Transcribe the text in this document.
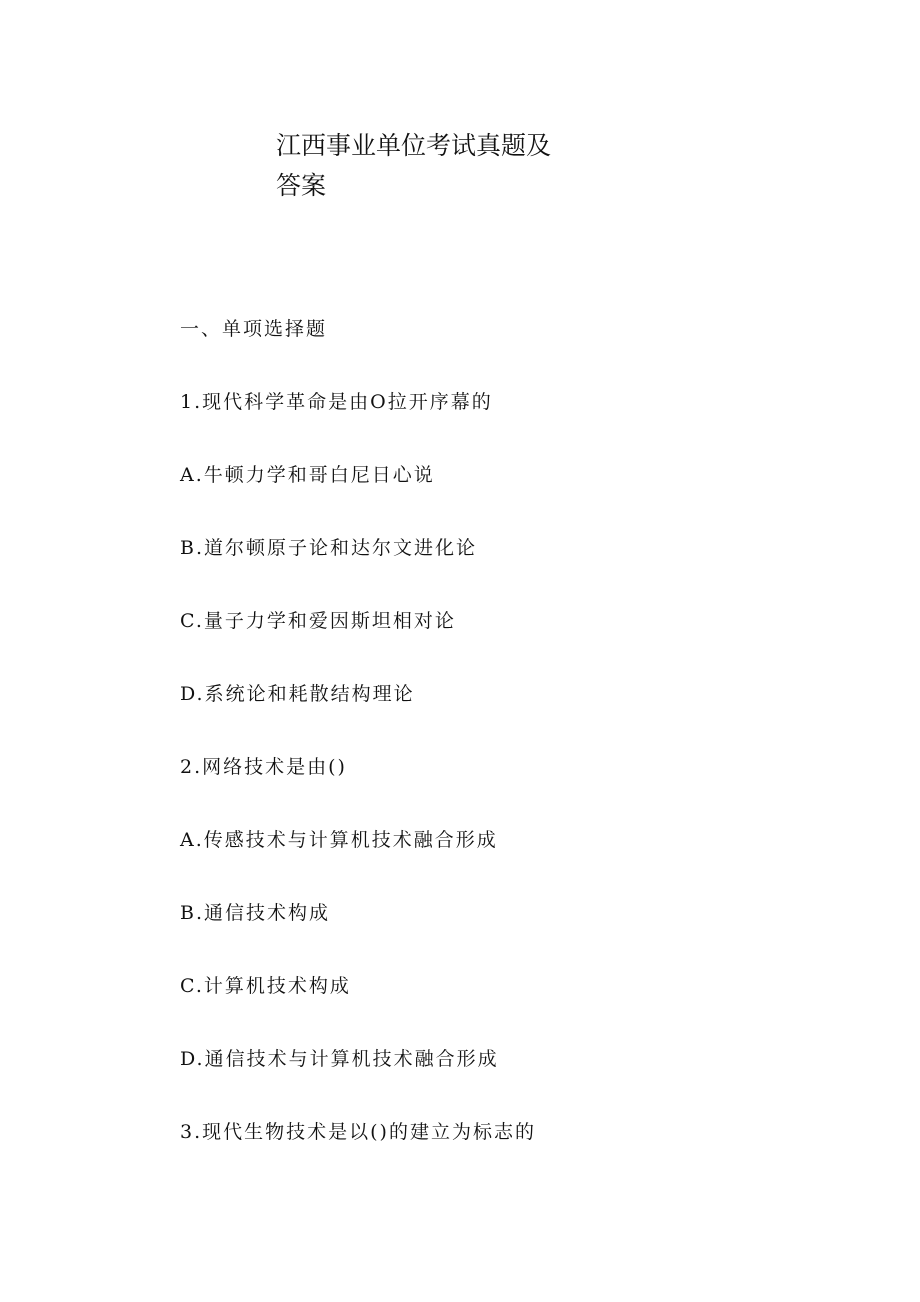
江西事业单位考试真题及
答案
一、单项选择题
1.现代科学革命是由O拉开序幕的
A.牛顿力学和哥白尼日心说
B.道尔顿原子论和达尔文进化论
C.量子力学和爱因斯坦相对论
D.系统论和耗散结构理论
2.网络技术是由()
A.传感技术与计算机技术融合形成
B.通信技术构成
C.计算机技术构成
D.通信技术与计算机技术融合形成
3.现代生物技术是以()的建立为标志的
